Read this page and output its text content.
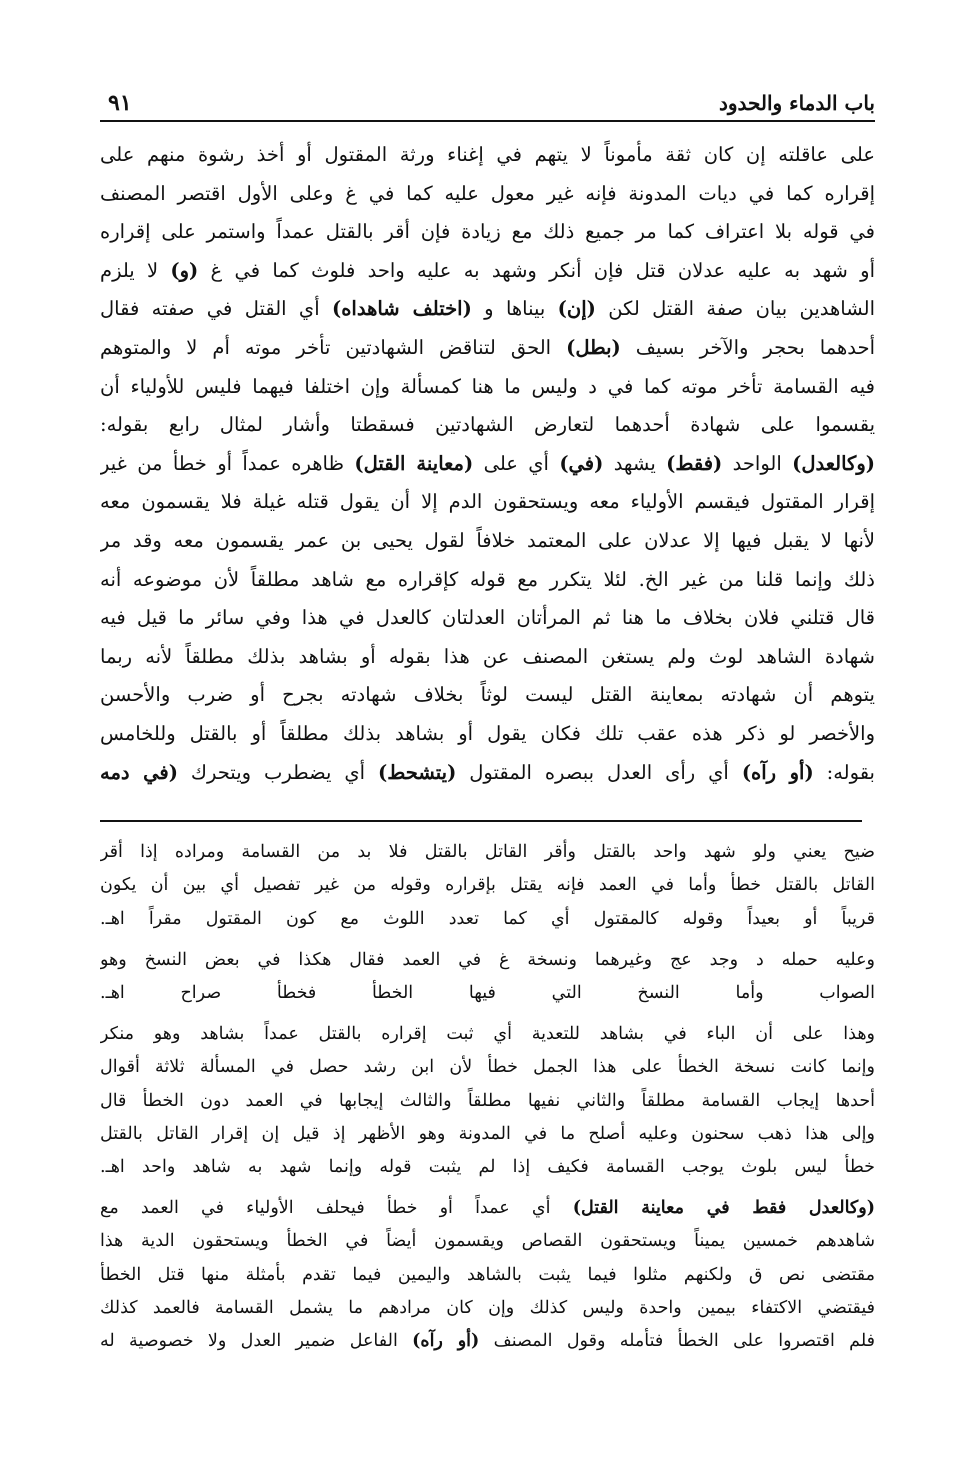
باب الدماء والحدود
٩١
على عاقلته إن كان ثقة مأموناً لا يتهم في إغناء ورثة المقتول أو أخذ رشوة منهم على
إقراره كما في ديات المدونة فإنه غير معول عليه كما في غ وعلى الأول اقتصر المصنف
في قوله بلا اعتراف كما مر جميع ذلك مع زيادة فإن أقر بالقتل عمداً واستمر على إقراره
أو شهد به عليه عدلان قتل فإن أنكر وشهد به عليه واحد فلوث كما في غ (و) لا يلزم
الشاهدين بيان صفة القتل لكن (إن) بيناها و (اختلف شاهداه) أي القتل في صفته فقال
أحدهما بحجر والآخر بسيف (بطل) الحق لتناقض الشهادتين تأخر موته أم لا والمتوهم
فيه القسامة تأخر موته كما في د وليس ما هنا كمسألة وإن اختلفا فيهما فليس للأولياء أن
يقسموا على شهادة أحدهما لتعارض الشهادتين فسقطتا وأشار لمثال رابع بقوله:
(وكالعدل) الواحد (فقط) يشهد (في) أي على (معاينة القتل) ظاهره عمداً أو خطأ من غير
إقرار المقتول فيقسم الأولياء معه ويستحقون الدم إلا أن يقول قتله غيلة فلا يقسمون معه
لأنها لا يقبل فيها إلا عدلان على المعتمد خلافاً لقول يحيى بن عمر يقسمون معه وقد مر
ذلك وإنما قلنا من غير الخ. لئلا يتكرر مع قوله كإقراره مع شاهد مطلقاً لأن موضوعه أنه
قال قتلني فلان بخلاف ما هنا ثم المرأتان العدلتان كالعدل في هذا وفي سائر ما قيل فيه
شهادة الشاهد لوث ولم يستغن المصنف عن هذا بقوله أو بشاهد بذلك مطلقاً لأنه ربما
يتوهم أن شهادته بمعاينة القتل ليست لوثاً بخلاف شهادته بجرح أو ضرب والأحسن
والأخصر لو ذكر هذه عقب تلك فكان يقول أو بشاهد بذلك مطلقاً أو بالقتل وللخامس
بقوله: (أو رآه) أي رأى العدل ببصره المقتول (يتشحط) أي يضطرب ويتحرك (في دمه

ضيح يعني ولو شهد واحد بالقتل وأقر القاتل بالقتل فلا بد من القسامة ومراده إذا أقر
القاتل بالقتل خطأ وأما في العمد فإنه يقتل بإقراره وقوله من غير تفصيل أي بين أن يكون
قريباً أو بعيداً وقوله كالمقتول أي كما تعدد اللوث مع كون المقتول مقراً اهـ.

وعليه حمله د وجد عج وغيرهما ونسخة غ في العمد فقال هكذا في بعض النسخ وهو
الصواب وأما النسخ التي فيها الخطأ فخطأ صراح اهـ.

وهذا على أن الباء في بشاهد للتعدية أي ثبت إقراره بالقتل عمداً بشاهد وهو منكر
وإنما كانت نسخة الخطأ على هذا الجمل خطأ لأن ابن رشد حصل في المسألة ثلاثة أقوال
أحدها إيجاب القسامة مطلقاً والثاني نفيها مطلقاً والثالث إيجابها في العمد دون الخطأ قال
وإلى هذا ذهب سحنون وعليه أصلح ما في المدونة وهو الأظهر إذ قيل إن إقرار القاتل بالقتل
خطأ ليس بلوث يوجب القسامة فكيف إذا لم يثبت قوله وإنما شهد به شاهد واحد اهـ.

(وكالعدل فقط في معاينة القتل) أي عمداً أو خطأ فيحلف الأولياء في العمد مع
شاهدهم خمسين يميناً ويستحقون القصاص ويقسمون أيضاً في الخطأ ويستحقون الدية هذا
مقتضى نص ق ولكنهم مثلوا فيما يثبت بالشاهد واليمين فيما تقدم بأمثلة منها قتل الخطأ
فيقتضي الاكتفاء بيمين واحدة وليس كذلك وإن كان مرادهم ما يشمل القسامة فالعمد كذلك
فلم اقتصروا على الخطأ فتأمله وقول المصنف (أو رآه) الفاعل ضمير العدل ولا خصوصية له
